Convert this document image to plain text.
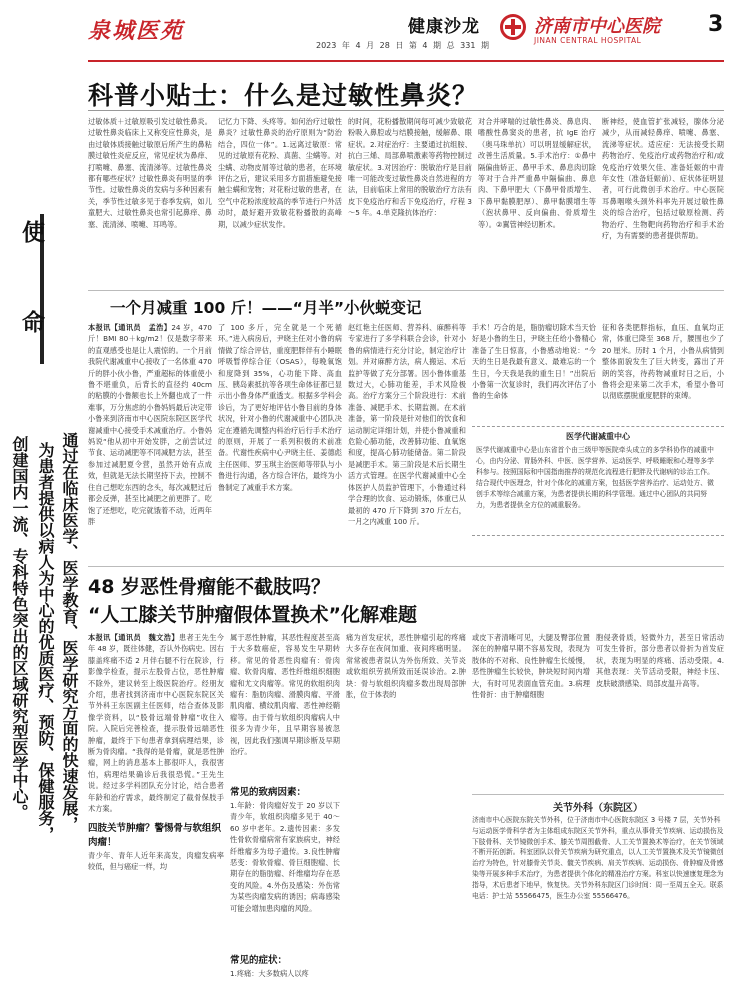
泉城医苑	健康沙龙
2023 年 4 月 28 日 第 4 期 总 331 期
济南市中心医院
JINAN CENTRAL HOSPITAL
3
使
命
通过在临床医学、医学教育、医学研究方面的快速发展，
为患者提供以病人为中心的优质医疗、预防、保健服务，
创建国内一流、专科特色突出的区域研究型医学中心。
科普小贴士：什么是过敏性鼻炎？
过敏体质＋过敏原吸引发过敏性鼻炎。过敏性鼻炎临床上又称变应性鼻炎，是由过敏体质接触过敏原后所产生的鼻粘膜过敏性炎症反应，常见症状为鼻痒、打喷嚏、鼻塞、流清涕等。过敏性鼻炎都有哪些症状？过敏性鼻炎有明显的季节性。过敏性鼻炎的发病与多种因素有关，季节性过敏多见于春季发病，如儿童肥大、过敏性鼻炎也常引起鼻痒、鼻塞、流清涕、喷嚏、耳鸣等。
记忆力下降、头疼等。如何治疗过敏性鼻炎？过敏性鼻炎的治疗原则为“防治结合，四位一体”。1.远离过敏原：常见的过敏原有花粉、真菌、尘螨等。对尘螨、动物皮屑等过敏的患者，在环境评估之后，建议采用多方面措施避免接触尘螨和宠物；对花粉过敏的患者，在空气中花粉浓度较高的季节进行户外活动时，最好避开致敏花粉播散的高峰期，以减少症状发作。
的时间，花粉播散期间每可减少致敏花粉吸入鼻腔或与结膜接触，缓解鼻、眼症状。2.对症治疗：主要通过抗组胺、抗白三烯、局部鼻喷激素等药物控制过敏症状。3.对因治疗：脱敏治疗是目前唯一可能改变过敏性鼻炎自然进程的方法，目前临床上常用的脱敏治疗方法有皮下免疫治疗和舌下免疫治疗，疗程 3～5 年。4.单克隆抗体治疗：
对合并哮喘的过敏性鼻炎、鼻息肉、嗜酸性鼻窦炎的患者，抗 IgE 治疗（奥马珠单抗）可以明显缓解症状，改善生活质量。5.手术治疗：①鼻中隔偏曲矫正、鼻甲手术、鼻息肉切除等对于合并严重鼻中隔偏曲、鼻息肉、下鼻甲肥大（下鼻甲骨质增生、下鼻甲黏膜肥厚）、鼻甲黏膜增生等（泡状鼻甲、反向偏曲、骨质增生等）。②翼管神经切断术。
断神经，使血管扩张减轻，腺体分泌减少，从而减轻鼻痒、喷嚏、鼻塞、流涕等症状。适应症：无法接受长期药物治疗、免疫治疗或药物治疗和/或免疫治疗效果欠佳、准备妊娠的中青年女性（准备妊娠前）、症状体征明显者，可行此微创手术治疗。中心医院耳鼻咽喉头颈外科率先开展过敏性鼻炎的综合治疗，包括过敏原检测、药物治疗、生物靶向药物治疗和手术治疗，为有需要的患者提供帮助。
一个月减重 100 斤！——“月半”小伙蜕变记
本报讯【通讯员　孟浩】24 岁，470 斤！BMI 80＋kg/m2！仅是数字带来的直观感受也是让人震惊的。一个月前我院代谢减重中心接收了一名体重 470 斤的胖小伙小鲁，严重超标的体重使小鲁不堪重负，后背长的直径约 40cm 的粘膜的小鲁额也长上外翻也成了一件难事，万分焦虑的小鲁妈妈最后决定带小鲁来到济南市中心医院东院区医学代谢减重中心接受手术减重治疗。小鲁妈妈说“他从初中开始发胖，之前尝试过节食、运动减肥等不同减肥方法，甚至参加过减肥夏令营，虽然开始有点成效，但就是无法长期坚持下去，控制不住自己想吃东西的念头，每次减肥过后都会反弹，甚至比减肥之前更胖了。吃饱了还想吃，吃完就饿着不动，近两年胖
了 100 多斤，完全就是一个死循环。”进入病房后，尹晓主任对小鲁的病情做了综合评估，重度肥胖伴有小睡眠呼吸暂停综合征（OSAS），每晚氧饱和度降到 35%，心功能下降、高血压、胰岛素抵抗等各项生命体征都已显示出小鲁身体严重透支。根据多学科会诊后，为了更好地评估小鲁目前的身体状况，针对小鲁的代谢减重中心团队决定在遵循先调整内科治疗后行手术治疗的原则，开展了一系列积极的术前准备。代谢性疾病中心尹晓主任、姜德彪主任医师、罗玉琪主治医师等带队与小鲁进行沟通，各方综合评估，最终为小鲁制定了减重手术方案。
赵红艳主任医师、营养科、麻醉科等专家进行了多学科联合会诊，针对小鲁的病情进行充分讨论，制定治疗计划。并对麻醉方法，病人搬运、术后监护等做了充分部署。因小鲁体重基数过大，心肺功能差，手术风险极高。治疗方案分三个阶段进行：术前准备、减肥手术、长期监测。在术前准备，第一阶段是针对他们的饮食和运动制定详细计划，并使小鲁减重和危险心肺功能，改善肺功能、血氧饱和度，提高心肺功能储备。第二阶段是减肥手术。第三阶段是术后长期生活方式管理。在医学代谢减重中心全体医护人员监护管理下，小鲁通过科学合理的饮食、运动锻炼，体重已从最初的 470 斤下降到 370 斤左右，一月之内减重 100 斤。
手术！巧合的是，脂肪瘤切除术当天恰好是小鲁的生日，尹晓主任给小鲁精心准备了生日惊喜，小鲁感动地说：“今天的生日是我最有意义、最难忘的一个生日，今天我是我的重生日！”出院后小鲁第一次复诊时，我们再次评估了小鲁的生命体
征和各类肥胖指标，血压、血氧均正常，体重已降至 368 斤，腰围也少了 20 厘米。历时 1 个月，小鲁从病情到整体面貌发生了巨大转变，露出了开朗的笑容，待药物减重时日之后，小鲁将会迎来第二次手术，希望小鲁可以彻底摆脱重度肥胖的束缚。
医学代谢减重中心
医学代谢减重中心是山东省首个由三级甲等医院牵头成立的多学科协作的减重中心，由内分泌、胃肠外科、中医、医学营养、运动医学、呼吸睡眠和心理等多学科参与。按照国际和中国指南推荐的规范化流程进行肥胖及代谢病的诊治工作。结合现代中医理念，针对个体化的减重方案，包括医学营养治疗、运动处方、微创手术等综合减重方案，为患者提供长期的科学管理。通过中心团队的共同努力，为患者提供全方位的减重服务。
48 岁恶性骨瘤能不截肢吗？
“人工膝关节肿瘤假体置换术”化解难题
本报讯【通讯员　魏文浩】患者王先生今年 48 岁，既往体健，否认外伤病史。因右膝盖疼痛不适 2 月伴右腿不行在院诊，行影像学检查，提示左股骨占位，恶性肿瘤不除外，建议转至上级医院治疗。经朋友介绍，患者找到济南市中心医院东院区关节外科王东医副主任医师，结合查体及影像学资料，以“股骨远端骨肿瘤”收住入院。入院后完善检查，提示股骨远端恶性肿瘤，最终于下旬患者拿到病理结果，诊断为骨肉瘤。“我得的是骨瘤，就是恶性肿瘤，网上的消息基本上都很吓人，我很害怕，病理结果确诊后我很恐慌。”王先生说。经过多学科团队充分讨论，结合患者年龄和治疗需求，最终制定了截骨保肢手术方案。
四肢关节肿瘤？警惕骨与软组织肉瘤！
青少年、青年人近年来高发，肉瘤发病率较低，但与癌症一样，均
属于恶性肿瘤，其恶性程度甚至高于大多数癌症，容易发生早期转移。常见的骨恶性肉瘤有：骨肉瘤、软骨肉瘤、恶性纤维组织细胞瘤和尤文肉瘤等。常见的软组织肉瘤有：脂肪肉瘤、滑膜肉瘤、平滑肌肉瘤、横纹肌肉瘤、恶性神经鞘瘤等。由于骨与软组织肉瘤病人中很多为青少年，且早期容易被忽视，因此我们强调早期诊断及早期治疗。
常见的致病因素：
1.年龄：骨肉瘤好发于 20 岁以下青少年，软组织肉瘤多见于 40～60 岁中老年。2.遗传因素：多发性骨软骨瘤病常有家族病史，神经纤维瘤多为母子遗传。3.良性肿瘤恶变：骨软骨瘤、骨巨细胞瘤、长期存在的脂肪瘤、纤维瘤均存在恶变的风险。4.外伤及感染：外伤常为某些肉瘤发病的诱因；病毒感染可能会增加患肉瘤的风险。
常见的症状：
1.疼痛：大多数病人以疼
痛为首发症状，恶性肿瘤引起的疼痛大多存在夜间加重、夜间疼痛明显。常常被患者误认为外伤所致、关节炎或软组织劳损所致而延误诊治。2.肿块：骨与软组织肉瘤多数出现局部肿胀，位于体表的
或皮下者清晰可见，大腿及臀部位置深在的肿瘤早期不容易发现，表现为肢体的不对称、良性肿瘤生长缓慢，恶性肿瘤生长较快，肿块短时间内增大，有时可见表面血管充血。3.病理性骨折：由于肿瘤细胞
胞侵袭骨质，轻微外力，甚至日常活动可发生骨折，部分患者以骨折为首发症状，表现为明显的疼痛、活动受限。4.其他表现：关节活动受限，神经卡压、皮肤破溃感染、局部皮温升高等。
关节外科（东院区）
济南市中心医院东院关节外科，位于济南市中心医院东院区 3 号楼 7 层，关节外科与运动医学骨科学者为主体组成东院区关节外科，重点从事骨关节疾病、运动损伤及下肢骨科、关节镜微创手术、膝关节周围截骨、人工关节置换术等治疗，在关节领域不断开拓创新。科室团队以骨关节疾病为研究重点，以人工关节置换术及关节镜微创治疗为特色，针对膝骨关节炎、髋关节疾病、肩关节疾病、运动损伤、骨肿瘤及骨感染等开展多种手术治疗，为患者提供个体化的精准治疗方案。科室以快速康复理念为指导，术后患者下地早，恢复快。关节外科东院区门诊时间：周一至周五全天。联系电话：护士站 55566475，医生办公室 55566476。
